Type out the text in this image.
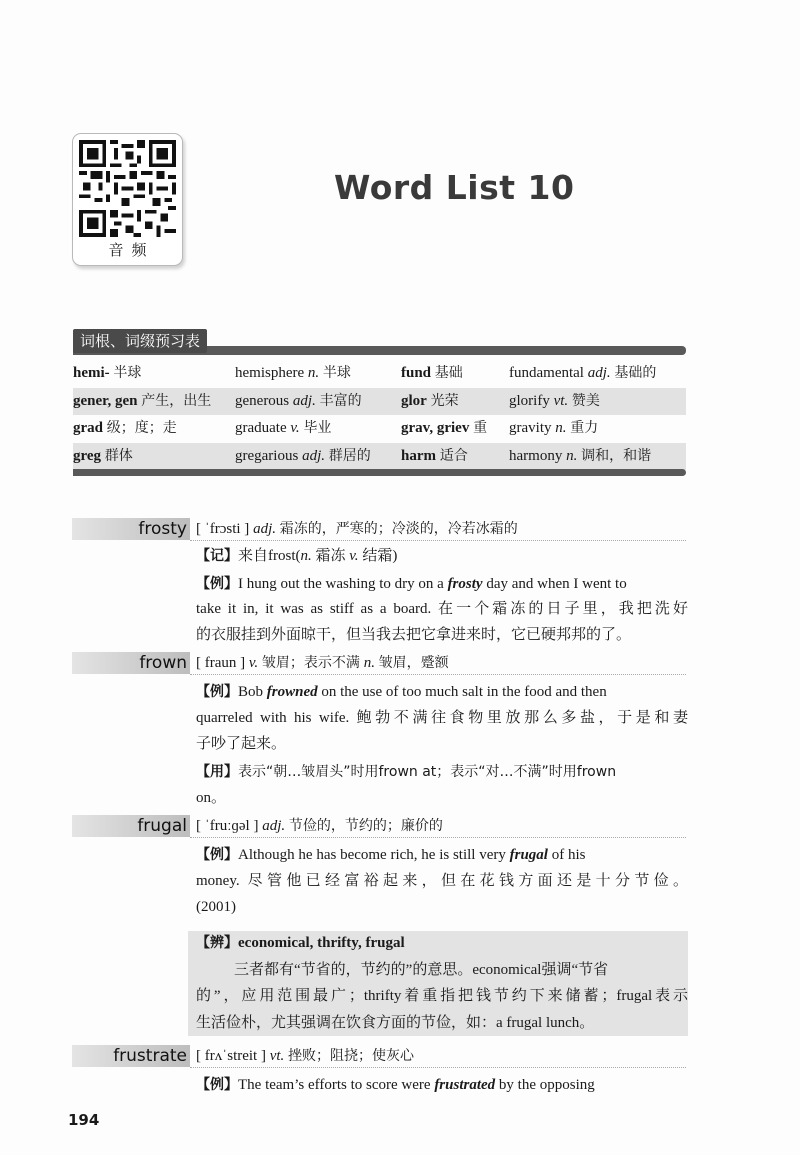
音频
Word List 10
词根、词缀预习表
hemi- 半球	hemisphere n. 半球	fund 基础	fundamental adj. 基础的
gener, gen 产生，出生 generous adj. 丰富的	glor 光荣	glorify vt. 赞美
grad 级；度；走	graduate v. 毕业	grav, griev 重 gravity n. 重力
greg 群体	gregarious adj. 群居的 harm 适合	harmony n. 调和，和谐
frosty [ ˈfrɔsti ] adj. 霜冻的，严寒的；冷淡的，冷若冰霜的
【记】来自frost(n. 霜冻 v. 结霜)
【例】I hung out the washing to dry on a frosty day and when I went to
take it in, it was as stiff as a board. 在一个霜冻的日子里，我把洗好
的衣服挂到外面晾干，但当我去把它拿进来时，它已硬邦邦的了。
frown [ fraun ] v. 皱眉；表示不满 n. 皱眉，蹙额
【例】Bob frowned on the use of too much salt in the food and then
quarreled with his wife. 鲍勃不满往食物里放那么多盐，于是和妻
子吵了起来。
【用】表示“朝…皱眉头”时用frown at；表示“对…不满”时用frown
on。
frugal [ ˈfruːɡəl ] adj. 节俭的，节约的；廉价的
【例】Although he has become rich, he is still very frugal of his
money. 尽管他已经富裕起来，但在花钱方面还是十分节俭。
(2001)
【辨】economical, thrifty, frugal
三者都有“节省的，节约的”的意思。economical强调“节省
的”，应用范围最广；thrifty着重指把钱节约下来储蓄；frugal表示
生活俭朴，尤其强调在饮食方面的节俭，如：a frugal lunch。
frustrate [ frʌˈstreit ] vt. 挫败；阻挠；使灰心
【例】The team’s efforts to score were frustrated by the opposing
194
